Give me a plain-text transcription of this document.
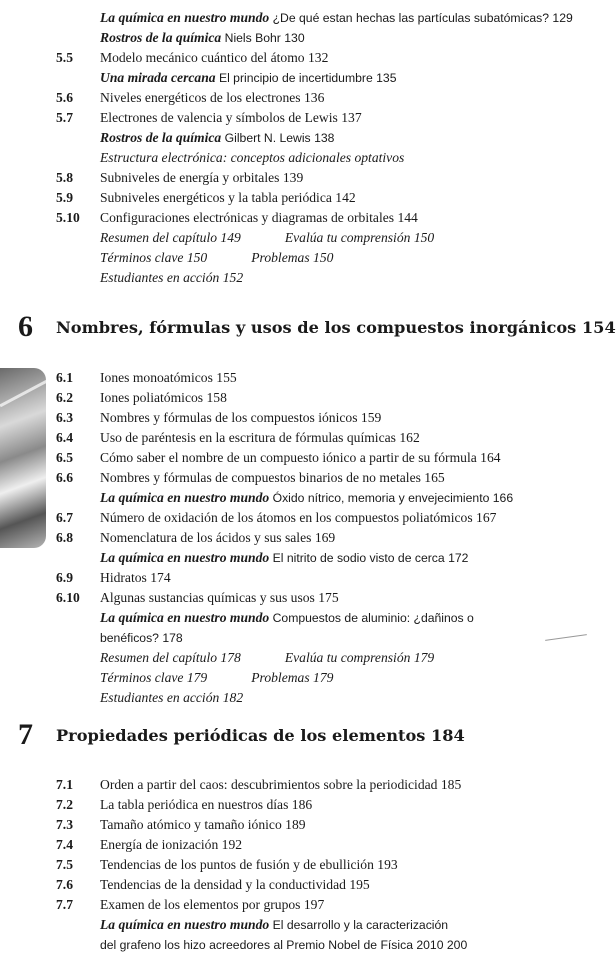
La química en nuestro mundo ¿De qué estan hechas las partículas subatómicas? 129
Rostros de la química Niels Bohr 130
5.5 Modelo mecánico cuántico del átomo 132
Una mirada cercana El principio de incertidumbre 135
5.6 Niveles energéticos de los electrones 136
5.7 Electrones de valencia y símbolos de Lewis 137
Rostros de la química Gilbert N. Lewis 138
Estructura electrónica: conceptos adicionales optativos
5.8 Subniveles de energía y orbitales 139
5.9 Subniveles energéticos y la tabla periódica 142
5.10 Configuraciones electrónicas y diagramas de orbitales 144
Resumen del capítulo 149	Evalúa tu comprensión 150
Términos clave 150	Problemas 150
Estudiantes en acción 152
6.1 Iones monoatómicos 155
6.2 Iones poliatómicos 158
6.3 Nombres y fórmulas de los compuestos iónicos 159
6.4 Uso de paréntesis en la escritura de fórmulas químicas 162
6.5 Cómo saber el nombre de un compuesto iónico a partir de su fórmula 164
6.6 Nombres y fórmulas de compuestos binarios de no metales 165
La química en nuestro mundo Óxido nítrico, memoria y envejecimiento 166
6.7 Número de oxidación de los átomos en los compuestos poliatómicos 167
6.8 Nomenclatura de los ácidos y sus sales 169
La química en nuestro mundo El nitrito de sodio visto de cerca 172
6.9 Hidratos 174
6.10 Algunas sustancias químicas y sus usos 175
La química en nuestro mundo Compuestos de aluminio: ¿dañinos o
benéficos? 178
Resumen del capítulo 178	Evalúa tu comprensión 179
Términos clave 179	Problemas 179
Estudiantes en acción 182
7.1 Orden a partir del caos: descubrimientos sobre la periodicidad 185
7.2 La tabla periódica en nuestros días 186
7.3 Tamaño atómico y tamaño iónico 189
7.4 Energía de ionización 192
7.5 Tendencias de los puntos de fusión y de ebullición 193
7.6 Tendencias de la densidad y la conductividad 195
7.7 Examen de los elementos por grupos 197
La química en nuestro mundo El desarrollo y la caracterización
del grafeno los hizo acreedores al Premio Nobel de Física 2010 200
6 Nombres, fórmulas y usos de los compuestos inorgánicos 154
7 Propiedades periódicas de los elementos 184
